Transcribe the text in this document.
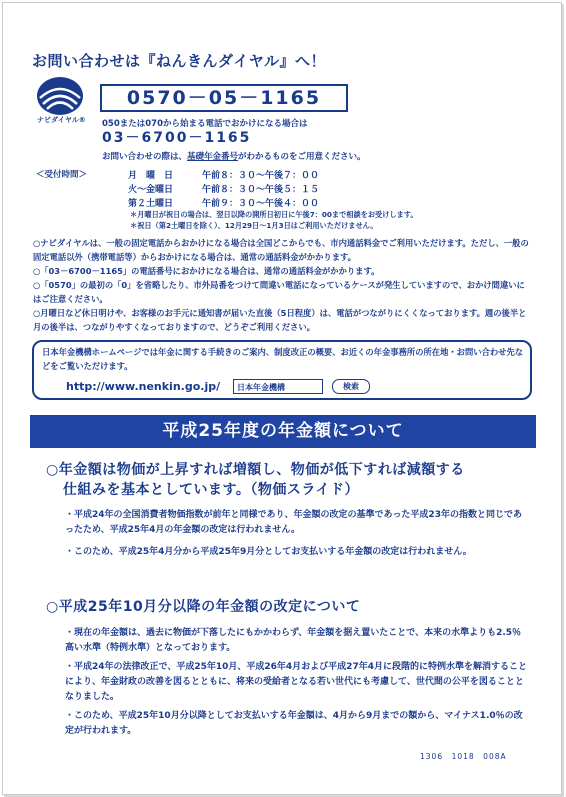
お問い合わせは『ねんきんダイヤル』へ！
ナビダイヤル®
0570－05－1165
050または070から始まる電話でおかけになる場合は
03－6700－1165
お問い合わせの際は、基礎年金番号がわかるものをご用意ください。
＜受付時間＞	月　曜　日	午前８：３０～午後７：００
火～金曜日	午前８：３０～午後５：１５
第２土曜日	午前９：３０～午後４：００
＊月曜日が祝日の場合は、翌日以降の開所日初日に午後7：00まで相談をお受けします。
＊祝日（第2土曜日を除く）、12月29日～1月3日はご利用いただけません。
○ナビダイヤルは、一般の固定電話からおかけになる場合は全国どこからでも、市内通話料金でご利用いただけます。ただし、一般の固定電話以外（携帯電話等）からおかけになる場合は、通常の通話料金がかかります。
○「03－6700－1165」の電話番号におかけになる場合は、通常の通話料金がかかります。
○「0570」の最初の「0」を省略したり、市外局番をつけて間違い電話になっているケースが発生していますので、おかけ間違いにはご注意ください。
○月曜日など休日明けや、お客様のお手元に通知書が届いた直後（5日程度）は、電話がつながりにくくなっております。週の後半と月の後半は、つながりやすくなっておりますので、どうぞご利用ください。
日本年金機構ホームページでは年金に関する手続きのご案内、制度改正の概要、お近くの年金事務所の所在地・お問い合わせ先などをご覧いただけます。
http://www.nenkin.go.jp/	日本年金機構	検索
平成25年度の年金額について
○年金額は物価が上昇すれば増額し、物価が低下すれば減額する
仕組みを基本としています。（物価スライド）
・平成24年の全国消費者物価指数が前年と同様であり、年金額の改定の基準であった平成23年の指数と同じであったため、平成25年4月の年金額の改定は行われません。
・このため、平成25年4月分から平成25年9月分としてお支払いする年金額の改定は行われません。
○平成25年10月分以降の年金額の改定について
・現在の年金額は、過去に物価が下落したにもかかわらず、年金額を据え置いたことで、本来の水準よりも2.5％高い水準（特例水準）となっております。
・平成24年の法律改正で、平成25年10月、平成26年4月および平成27年4月に段階的に特例水準を解消することにより、年金財政の改善を図るとともに、将来の受給者となる若い世代にも考慮して、世代間の公平を図ることとなりました。
・このため、平成25年10月分以降としてお支払いする年金額は、4月から9月までの額から、マイナス1.0％の改定が行われます。
1306　1018　008A
